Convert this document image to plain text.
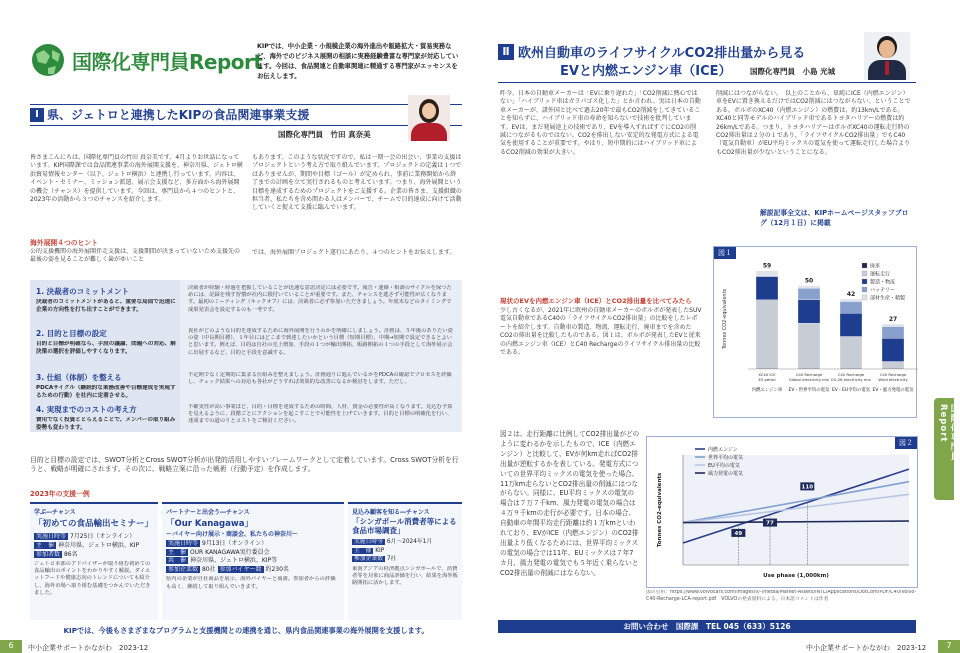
国際化専門員Report
KIPでは、中小企業・小規模企業の海外進出や販路拡大・貿易実務など、海外でのビジネス展開の相談に実務経験豊富な専門家が対応しています。今回は、食品関連と自動車関連に精通する専門家がエッセンスをお伝えします。
Ⅰ 県、ジェトロと連携したKIPの食品関連事業支援
国際化専門員　竹田 真奈美
皆さまこんにちは。国際化専門員の竹田 真奈美です。4月よりお世話になっています。KIP国際課では食品関連事業の海外展開支援を、神奈川県、ジェトロ横浜貿易情報センター（以下、ジェトロ横浜）と連携し行っています。内容は、イベント・セミナー、ミッション派遣、展示会支援など、多方面から海外展開の機会（チャンス）を提供しています。今回は、専門員から４つのヒントと、2023年の活動から３つのチャンスを紹介します。
もあります。このような状況ですので、私は一期一会の出会い、事業の支援はプロジェクトという考え方で取り組んでいます。プロジェクトの定義は１つではありませんが、期間や目標（ゴール）が定められ、事前に業務開始から終了までの計画を立て実行されるものと考えています。つまり、海外展開という目標を達成するためのプロジェクトをご支援する。企業の皆さま、支援組織の担当者、私たちを含め関わる人はメンバーで、チームで目的達成に向けて活動していくと捉えて支援に臨んでいます。
では、海外展開プロジェクト遂行にあたり、４つのヒントをお伝えします。
海外展開４つのヒント
公的支援機関の海外展開伴走支援は、支援期間が決まっていないため支援先の最後の姿を見ることが難しく歯がゆいこと
1. 決裁者のコミットメント
決裁者のコミットメントがあると、重要な局面で迅速に企業の方向性を打ち出すことができます。
決裁者が経験・経過を把握していることが迅速な意思決定には必要です。報告・連絡・相談のサイクルを保つためには、記録を残す習慣が社内に根付いていることが重要です。また、チャンスを逃さず可能性が広くなります。最初のミーティング（キックオフ）には、決裁者に必ず参加いただきましょう。年度末などのタイミングで成果発表会を設定するのも一考です。
2. 目的と目標の設定
目的と目標が明確なら、手段の議論、問題への対応、解決策の選択を評価しやすくなります。
貴社がどのような目的を達成するために海外展開を行うのかを明確にしましょう。計画は、５年後のありたい姿の姿（中長期目標）、１年目にはどこまで到達したいかという目標（短期目標）、中期→短期で設定できるとよいと思います。例えば、目的は自社の売上増加、手段の１つが輸出開拓、販路開拓の１つの手段として海外展示会に出展するなど、目的と手段を意識する。
3. 仕組（体制）を整える
PDCAサイクル（継続的な業務改善や目標達成を実現するための行動）を社内に定着させる。
不定期でなく定期的に集まる仕組みを整えましょう。計画通りに進んでいるかをPDCAの確認でプロセスを評価し、チェック結果への対応も各社がどうすれば効果的な改善になるか検討をします。ただし、
4. 実現までのコストの考え方
費用でなく投資ととらえることで、メンバーの取り組み姿勢も変わります。
不確実性が高い事業ほど、目的・目標を達成するための時間、人材、資金の必要性が高くなります。見込む予算を見えるように、段階ごとにアクションを起こすことで可能性を上げていきます。目的と目標の明確化を行い、達成までの道のりとコストをご検討ください。
目的と目標の設定では、SWOT分析とCross SWOT分析が出発的活用しやすいフレームワークとして定着しています。Cross SWOT分析を行うと、戦略が明確にされます。その次に、戦略立案に沿った戦術（行動予定）を作成します。
2023年の支援一例
学ぶ―チャンス
「初めての食品輸出セミナー」
実施日時等 7月25日（オンライン）
主　催 神奈川県、ジェトロ横浜、KIP
参加者数 86名
ジェトロ本部のアドバイザーが取り組む初めての食品輸出のポイントをわかりやすく解説。ダイエットフードや健康志向のトレンドについても紹介し、海外市場へ取り組む基礎をつかんでいただきました。
パートナーと出会う―チャンス
「Our Kanagawa」
～バイヤー向け展示・商談会、私たちの神奈川～
実施日時等 9月13日（オンライン）
主　催 OUR KANAGAWA実行委員会
共　催 神奈川県、ジェトロ横浜、KIP等
参加企業数 80社 参加バイヤー数 約230名
県内の企業が自社商品を展示、海外バイヤーと商談。参加者からの評価も高く、継続して取り組んでいきます。
見込み顧客を知る―チャンス
「シンガポール消費者等による食品市場調査」
実施日時等 6月～2024年1月
主　催 KIP
参加企業数 7社
東南アジアの経済拠点シンガポールで、消費者等を対象に商品評価を行い、結果を海外販路開拓に活かします。
KIPでは、今後もさまざまなプログラムと支援機関との連携を通じ、県内食品関連事業の海外展開を支援します。
6	中小企業サポートかながわ　2023-12
Ⅱ 欧州自動車のライフサイクルCO2排出量から見る
EVと内燃エンジン車（ICE） 国際化専門員　小島 光城
昨今、日本の自動車メーカーは「EVに乗り遅れた」「CO2削減に熱心ではない」「ハイブリッド車はガラパゴス化した」とか言われ、実は日本の自動車メーカーが、諸外国と比べて過去20年で最もCO2削減をしてきていることを知らずに、ハイブリッド車の寿命を知らないで技術を批判しています。EVは、まだ発展途上の技術であり、EVを導入すればすぐにCO2の削減につながるものではない。CO2を排出しない安定的な発電方式による電気を使用することが重要です。やはり、短中期的にはハイブリッド車によるCO2削減の効果が大きい。
現状のEVを内燃エンジン車（ICE）とCO2排出量を比べてみたら
少し古くなるが、2021年に欧州の自動車メーカーのボルボが発表したSUV電気自動車であるC40の「ライフサイクルCO2排出量」の比較をしたレポートを紹介します。自動車の製造、物流、運転走行、廃車までを含めたCO2の排出量を比較したものである。図１は、ボルボが発表したEVと従来の内燃エンジン車（ICE）とC40 Rechargeのライフサイクル排出量の比較である。
図２は、走行距離に比例してCO2排出量がどのように変わるかを示したもので、ICE（内燃エンジン）と比較して、EVが何km走ればCO2排出量が逆転するかを表している。発電方式についての世界平均ミックスの電気を使った場合、11万km走らないとCO2排出量の削減にはつながらない。同様に、EU平均ミックスの電気の場合は７万７千km、風力発電の電気の場合は４万９千kmの走行が必要です。日本の場合、自動車の年間平均走行距離は約１万kmといわれており、EVがICE（内燃エンジン）のCO2排出量より低くなるためには、世界平均ミックスの電気の場合では11年、EUミックスは７年7カ月、風力発電の電気でも５年近く乗らないとCO2排出量の削減にはならない。
削減にはつながらない。　以上のことから、単純にICE（内燃エンジン）車をEVに置き換えるだけではCO2削減にはつながらない、ということである。ボルボのXC40（内燃エンジン）の燃費は、約13km/Lである。XC40と同等モデルのハイブリッド車であるトヨタハリアーの燃費は約26km/Lである。つまり、トヨタハリアーはボルボXC40の運転走行時のCO2排出量は２分の１であり、「ライフサイクルCO2排出量」でもC40（電気自動車）がEU平均ミックスの電気を使って運転走行した場合よりもCO2排出量が少ないということになる。
解説記事全文は、KIPホームページスタッフブログ（12月１日）に掲載
図１
Tonnes CO2-equivalents
59
XC40 ICE
E5 petrol
内燃エンジン車
50
C40 Recharge
Global electricity mix
EV・世界平均の電気
42
C40 Recharge
EU-28 electricity mix
EV・EU平均の電気
27
C40 Recharge
Wind electricity
EV・風力発電の電気
廃車
運転走行
製造・物流
バッテリー
部材生産・精製
図２
Use phase (1,000km)
Tonnes CO2-equivalents
内燃エンジン
世界平均の電気
EU平均の電気
風力発電の電気
49
77
110
図の引用：https://www.volvocars.com/images/v/-/media/Market-Assets/INTL/Applications/DotCom/PDF/C40/Volvo-C40-Recharge-LCA-report.pdf　VOLVOの発表資料による。日本語コメントは作者
お問い合わせ　国際課　TEL 045（633）5126
国際化専門員Report
中小企業サポートかながわ　2023-12	7
